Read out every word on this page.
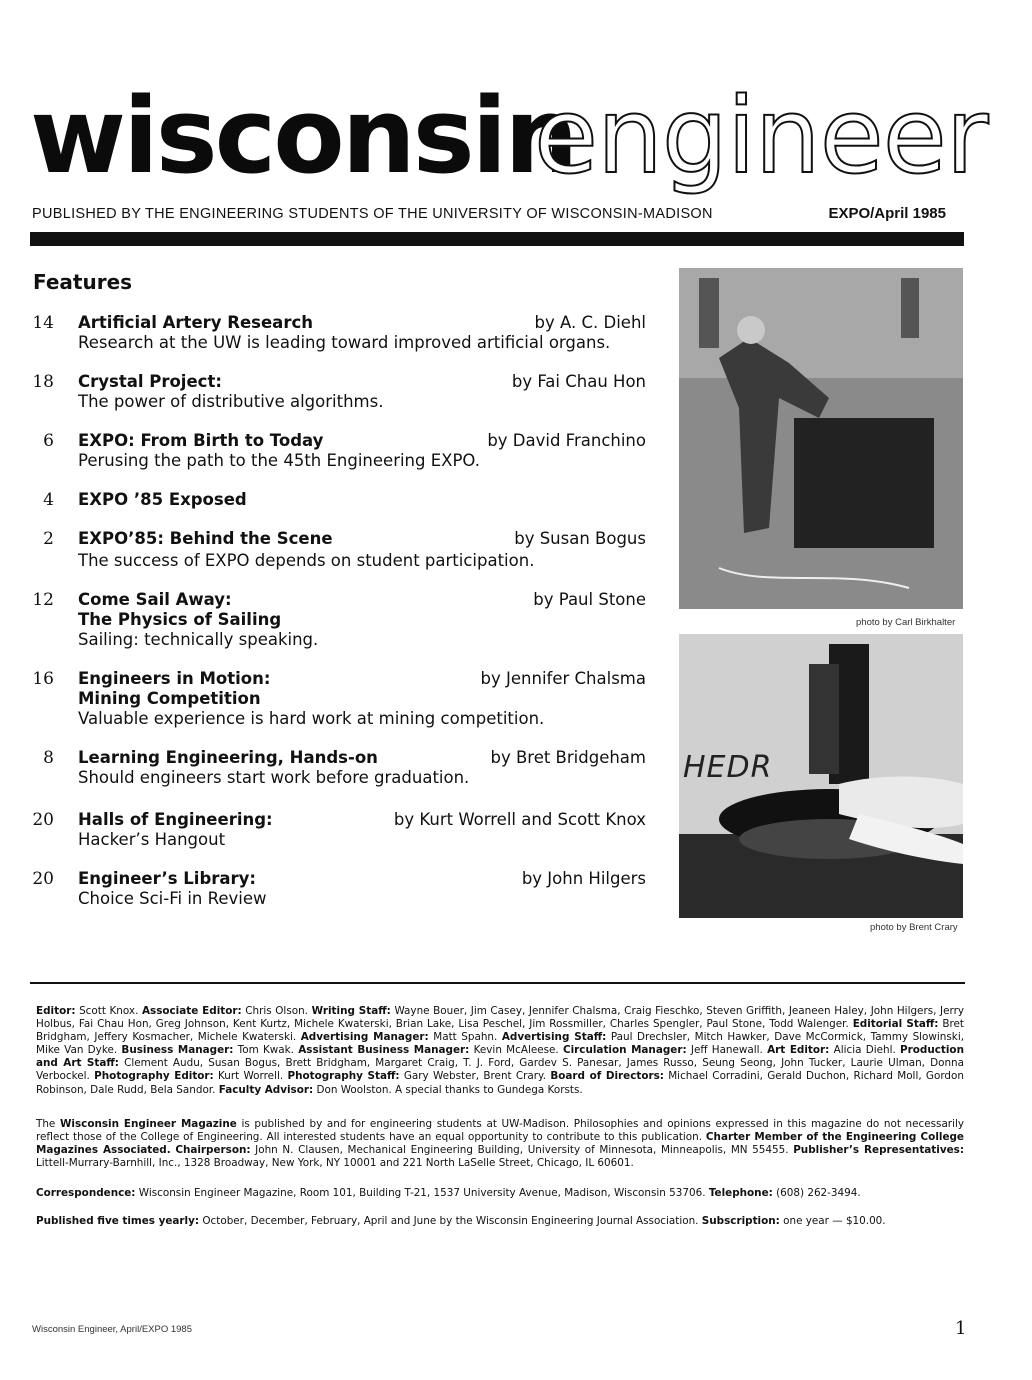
wisconsin
engineer
PUBLISHED BY THE ENGINEERING STUDENTS OF THE UNIVERSITY OF WISCONSIN-MADISON	EXPO/April 1985
Features
14 Artificial Artery Research	by A. C. Diehl
Research at the UW is leading toward improved artificial organs.
18 Crystal Project:	by Fai Chau Hon
The power of distributive algorithms.
6 EXPO: From Birth to Today	by David Franchino
Perusing the path to the 45th Engineering EXPO.
4 EXPO ’85 Exposed
2 EXPO’85: Behind the Scene	by Susan Bogus
The success of EXPO depends on student participation.
12 Come Sail Away:	by Paul Stone
The Physics of Sailing
Sailing: technically speaking.
16 Engineers in Motion:	by Jennifer Chalsma
Mining Competition
Valuable experience is hard work at mining competition.
8 Learning Engineering, Hands-on	by Bret Bridgeham
Should engineers start work before graduation.
20 Halls of Engineering:	by Kurt Worrell and Scott Knox
Hacker’s Hangout
20 Engineer’s Library:	by John Hilgers
Choice Sci-Fi in Review
photo by Carl Birkhalter
HEDR
photo by Brent Crary
Editor: Scott Knox. Associate Editor: Chris Olson. Writing Staff: Wayne Bouer, Jim Casey, Jennifer Chalsma, Craig Fieschko, Steven Griffith, Jeaneen Haley, John Hilgers, Jerry Holbus, Fai Chau Hon, Greg Johnson, Kent Kurtz, Michele Kwaterski, Brian Lake, Lisa Peschel, Jim Rossmiller, Charles Spengler, Paul Stone, Todd Walenger. Editorial Staff: Bret Bridgham, Jeffery Kosmacher, Michele Kwaterski. Advertising Manager: Matt Spahn. Advertising Staff: Paul Drechsler, Mitch Hawker, Dave McCormick, Tammy Slowinski, Mike Van Dyke. Business Manager: Tom Kwak. Assistant Business Manager: Kevin McAleese. Circulation Manager: Jeff Hanewall. Art Editor: Alicia Diehl. Production and Art Staff: Clement Audu, Susan Bogus, Brett Bridgham, Margaret Craig, T. J. Ford, Gardev S. Panesar, James Russo, Seung Seong, John Tucker, Laurie Ulman, Donna Verbockel. Photography Editor: Kurt Worrell. Photography Staff: Gary Webster, Brent Crary. Board of Directors: Michael Corradini, Gerald Duchon, Richard Moll, Gordon Robinson, Dale Rudd, Bela Sandor. Faculty Advisor: Don Woolston. A special thanks to Gundega Korsts.
The Wisconsin Engineer Magazine is published by and for engineering students at UW-Madison. Philosophies and opinions expressed in this magazine do not necessarily reflect those of the College of Engineering. All interested students have an equal opportunity to contribute to this publication. Charter Member of the Engineering College Magazines Associated. Chairperson: John N. Clausen, Mechanical Engineering Building, University of Minnesota, Minneapolis, MN 55455. Publisher’s Representatives: Littell-Murrary-Barnhill, Inc., 1328 Broadway, New York, NY 10001 and 221 North LaSelle Street, Chicago, IL 60601.
Correspondence: Wisconsin Engineer Magazine, Room 101, Building T-21, 1537 University Avenue, Madison, Wisconsin 53706. Telephone: (608) 262-3494.
Published five times yearly: October, December, February, April and June by the Wisconsin Engineering Journal Association. Subscription: one year — $10.00.
Wisconsin Engineer, April/EXPO 1985	1
